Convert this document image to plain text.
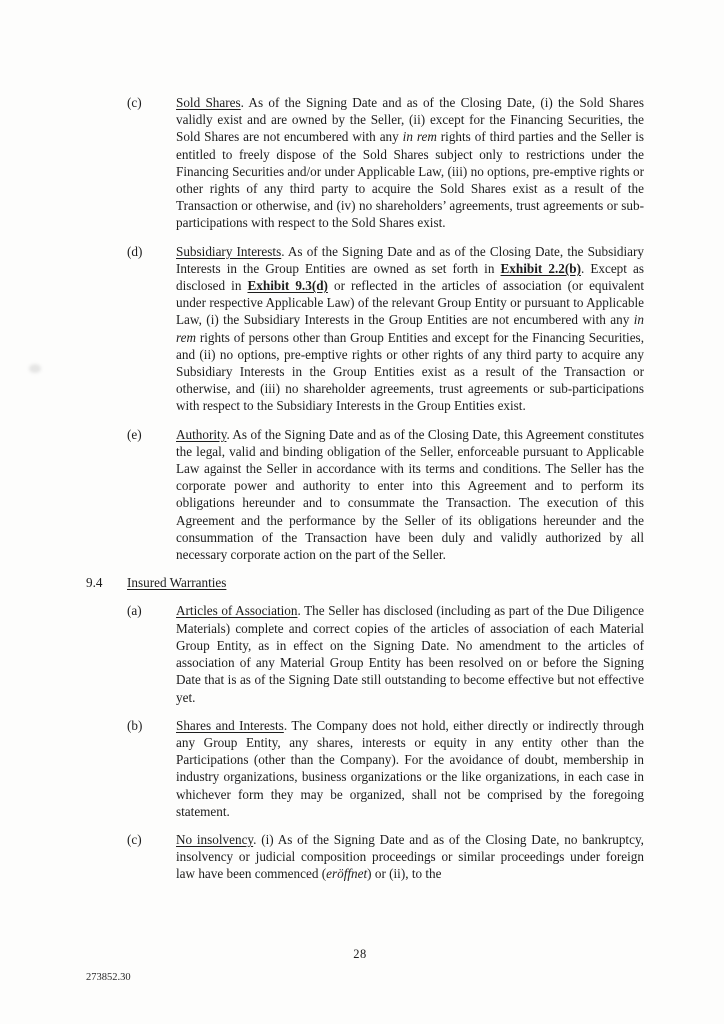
(c)	Sold Shares. As of the Signing Date and as of the Closing Date, (i) the Sold Shares validly exist and are owned by the Seller, (ii) except for the Financing Securities, the Sold Shares are not encumbered with any in rem rights of third parties and the Seller is entitled to freely dispose of the Sold Shares subject only to restrictions under the Financing Securities and/or under Applicable Law, (iii) no options, pre-emptive rights or other rights of any third party to acquire the Sold Shares exist as a result of the Transaction or otherwise, and (iv) no shareholders’ agreements, trust agreements or sub-participations with respect to the Sold Shares exist.
(d)	Subsidiary Interests. As of the Signing Date and as of the Closing Date, the Subsidiary Interests in the Group Entities are owned as set forth in Exhibit 2.2(b). Except as disclosed in Exhibit 9.3(d) or reflected in the articles of association (or equivalent under respective Applicable Law) of the relevant Group Entity or pursuant to Applicable Law, (i) the Subsidiary Interests in the Group Entities are not encumbered with any in rem rights of persons other than Group Entities and except for the Financing Securities, and (ii) no options, pre-emptive rights or other rights of any third party to acquire any Subsidiary Interests in the Group Entities exist as a result of the Transaction or otherwise, and (iii) no shareholder agreements, trust agreements or sub-participations with respect to the Subsidiary Interests in the Group Entities exist.
(e)	Authority. As of the Signing Date and as of the Closing Date, this Agreement constitutes the legal, valid and binding obligation of the Seller, enforceable pursuant to Applicable Law against the Seller in accordance with its terms and conditions. The Seller has the corporate power and authority to enter into this Agreement and to perform its obligations hereunder and to consummate the Transaction. The execution of this Agreement and the performance by the Seller of its obligations hereunder and the consummation of the Transaction have been duly and validly authorized by all necessary corporate action on the part of the Seller.
9.4	Insured Warranties
(a)	Articles of Association. The Seller has disclosed (including as part of the Due Diligence Materials) complete and correct copies of the articles of association of each Material Group Entity, as in effect on the Signing Date. No amendment to the articles of association of any Material Group Entity has been resolved on or before the Signing Date that is as of the Signing Date still outstanding to become effective but not effective yet.
(b)	Shares and Interests. The Company does not hold, either directly or indirectly through any Group Entity, any shares, interests or equity in any entity other than the Participations (other than the Company). For the avoidance of doubt, membership in industry organizations, business organizations or the like organizations, in each case in whichever form they may be organized, shall not be comprised by the foregoing statement.
(c)	No insolvency. (i) As of the Signing Date and as of the Closing Date, no bankruptcy, insolvency or judicial composition proceedings or similar proceedings under foreign law have been commenced (eröffnet) or (ii), to the
28
273852.30
